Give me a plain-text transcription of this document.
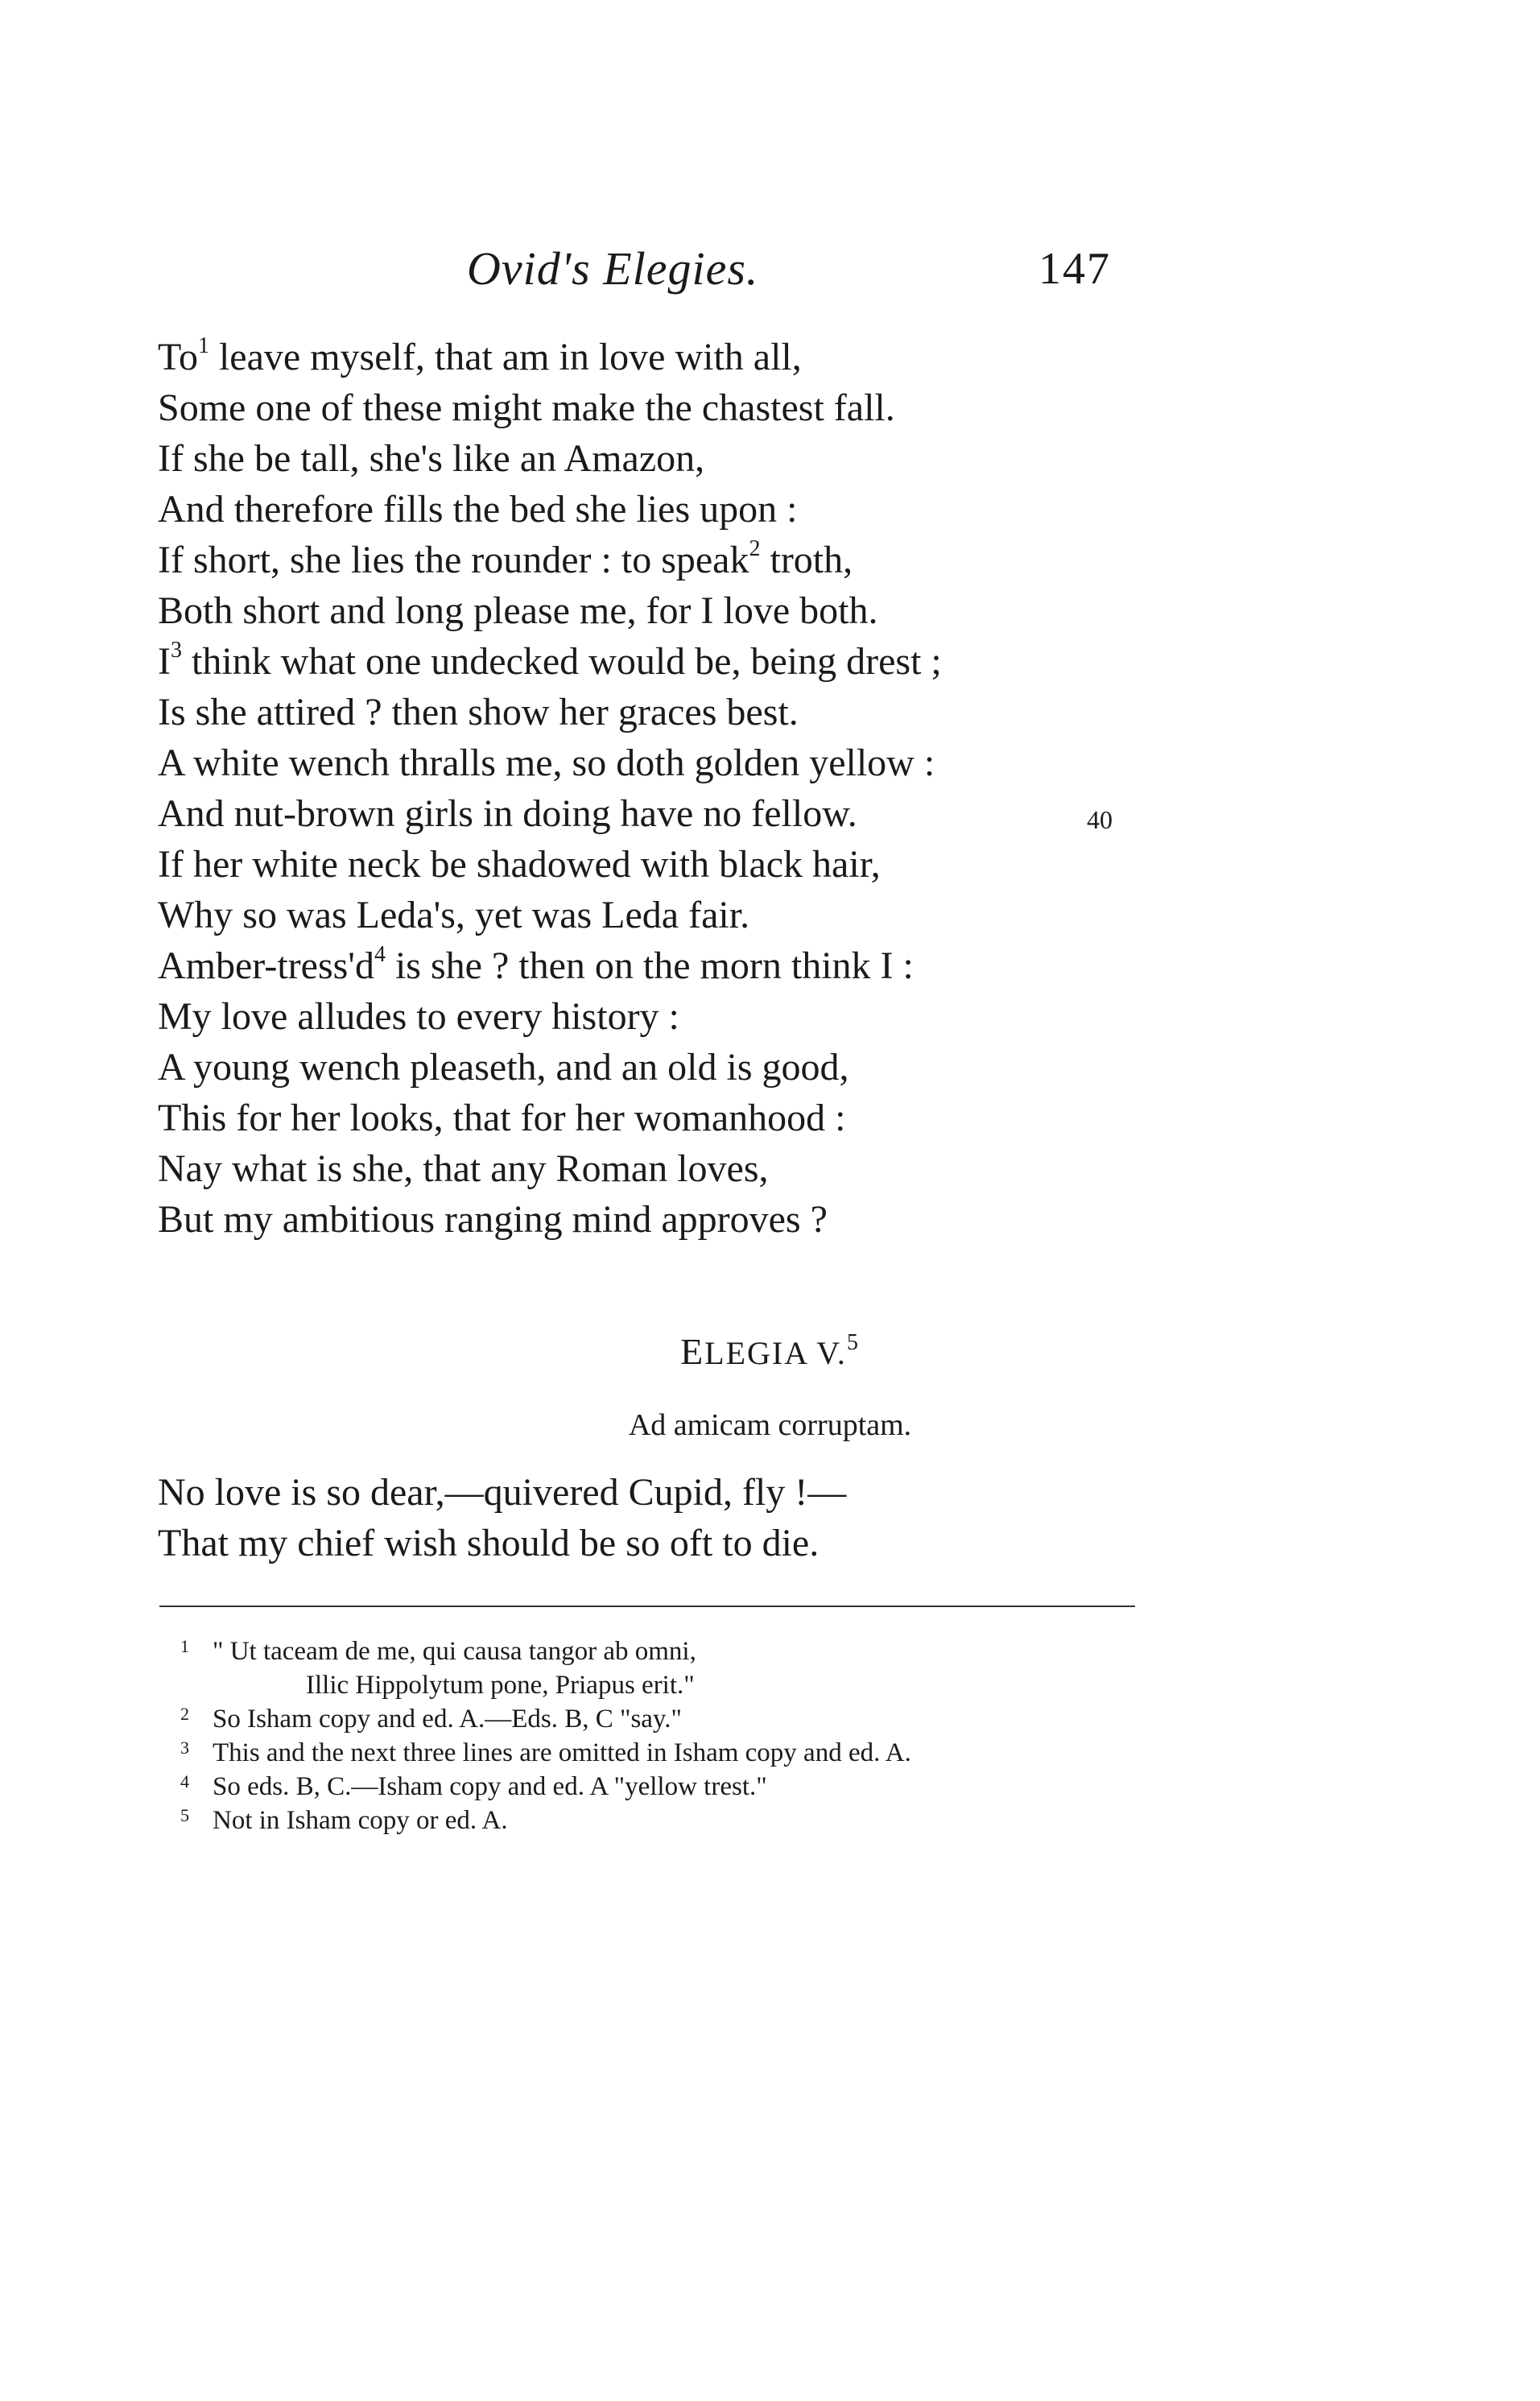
Ovid's Elegies.	147
To$^1$ leave myself, that am in love with all,
Some one of these might make the chastest fall.
If she be tall, she's like an Amazon,
And therefore fills the bed she lies upon :
If short, she lies the rounder : to speak$^2$ troth,
Both short and long please me, for I love both.
$I^3$ think what one undecked would be, being drest ;
Is she attired ? then show her graces best.
A white wench thralls me, so doth golden yellow :
And nut-brown girls in doing have no fellow.	40
If her white neck be shadowed with black hair,
Why so was Leda's, yet was Leda fair.
Amber-$tress'd^4$ is she ? then on the morn think I :
My love alludes to every history :
A young wench pleaseth, and an old is good,
This for her looks, that for her womanhood :
Nay what is she, that any Roman loves,
But my ambitious ranging mind approves ?
ELEGIA V.$^5$
Ad amicam corruptam.
No love is so dear,—quivered Cupid, fly !—
That my chief wish should be so oft to die.
1 " Ut taceam de me, qui causa tangor ab omni,
Illic Hippolytum pone, Priapus erit."
2 So Isham copy and ed. A.—Eds. B, C "say."
3 This and the next three lines are omitted in Isham copy and ed. A.
4 So eds. B, C.—Isham copy and ed. A "yellow trest."
5 Not in Isham copy or ed. A.
